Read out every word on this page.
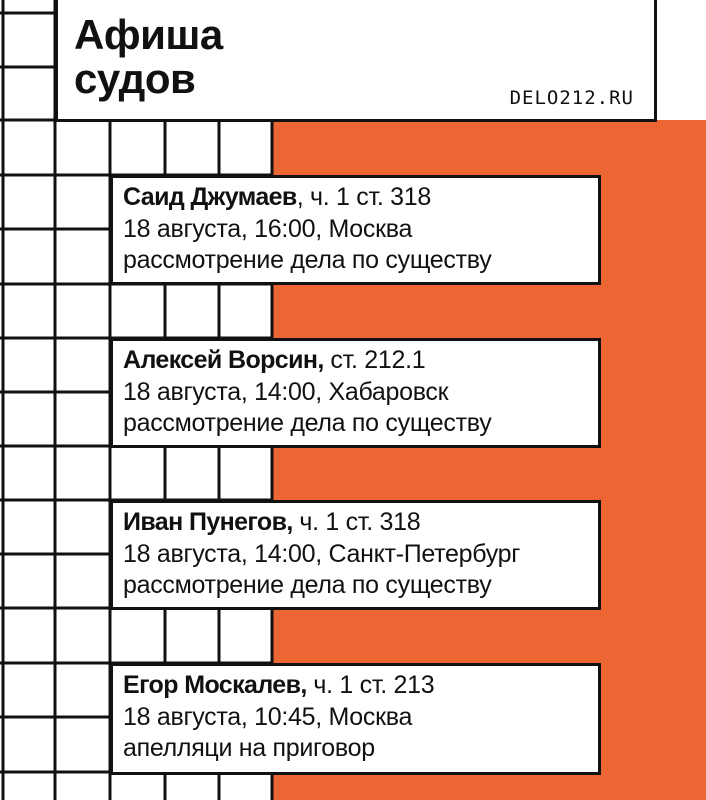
Афиша
судов	DELO212.RU
Саид Джумаев, ч. 1 ст. 318
18 августа, 16:00, Москва
рассмотрение дела по существу
Алексей Ворсин, ст. 212.1
18 августа, 14:00, Хабаровск
рассмотрение дела по существу
Иван Пунегов, ч. 1 ст. 318
18 августа, 14:00, Санкт-Петербург
рассмотрение дела по существу
Егор Москалев, ч. 1 ст. 213
18 августа, 10:45, Москва
апелляци на приговор
